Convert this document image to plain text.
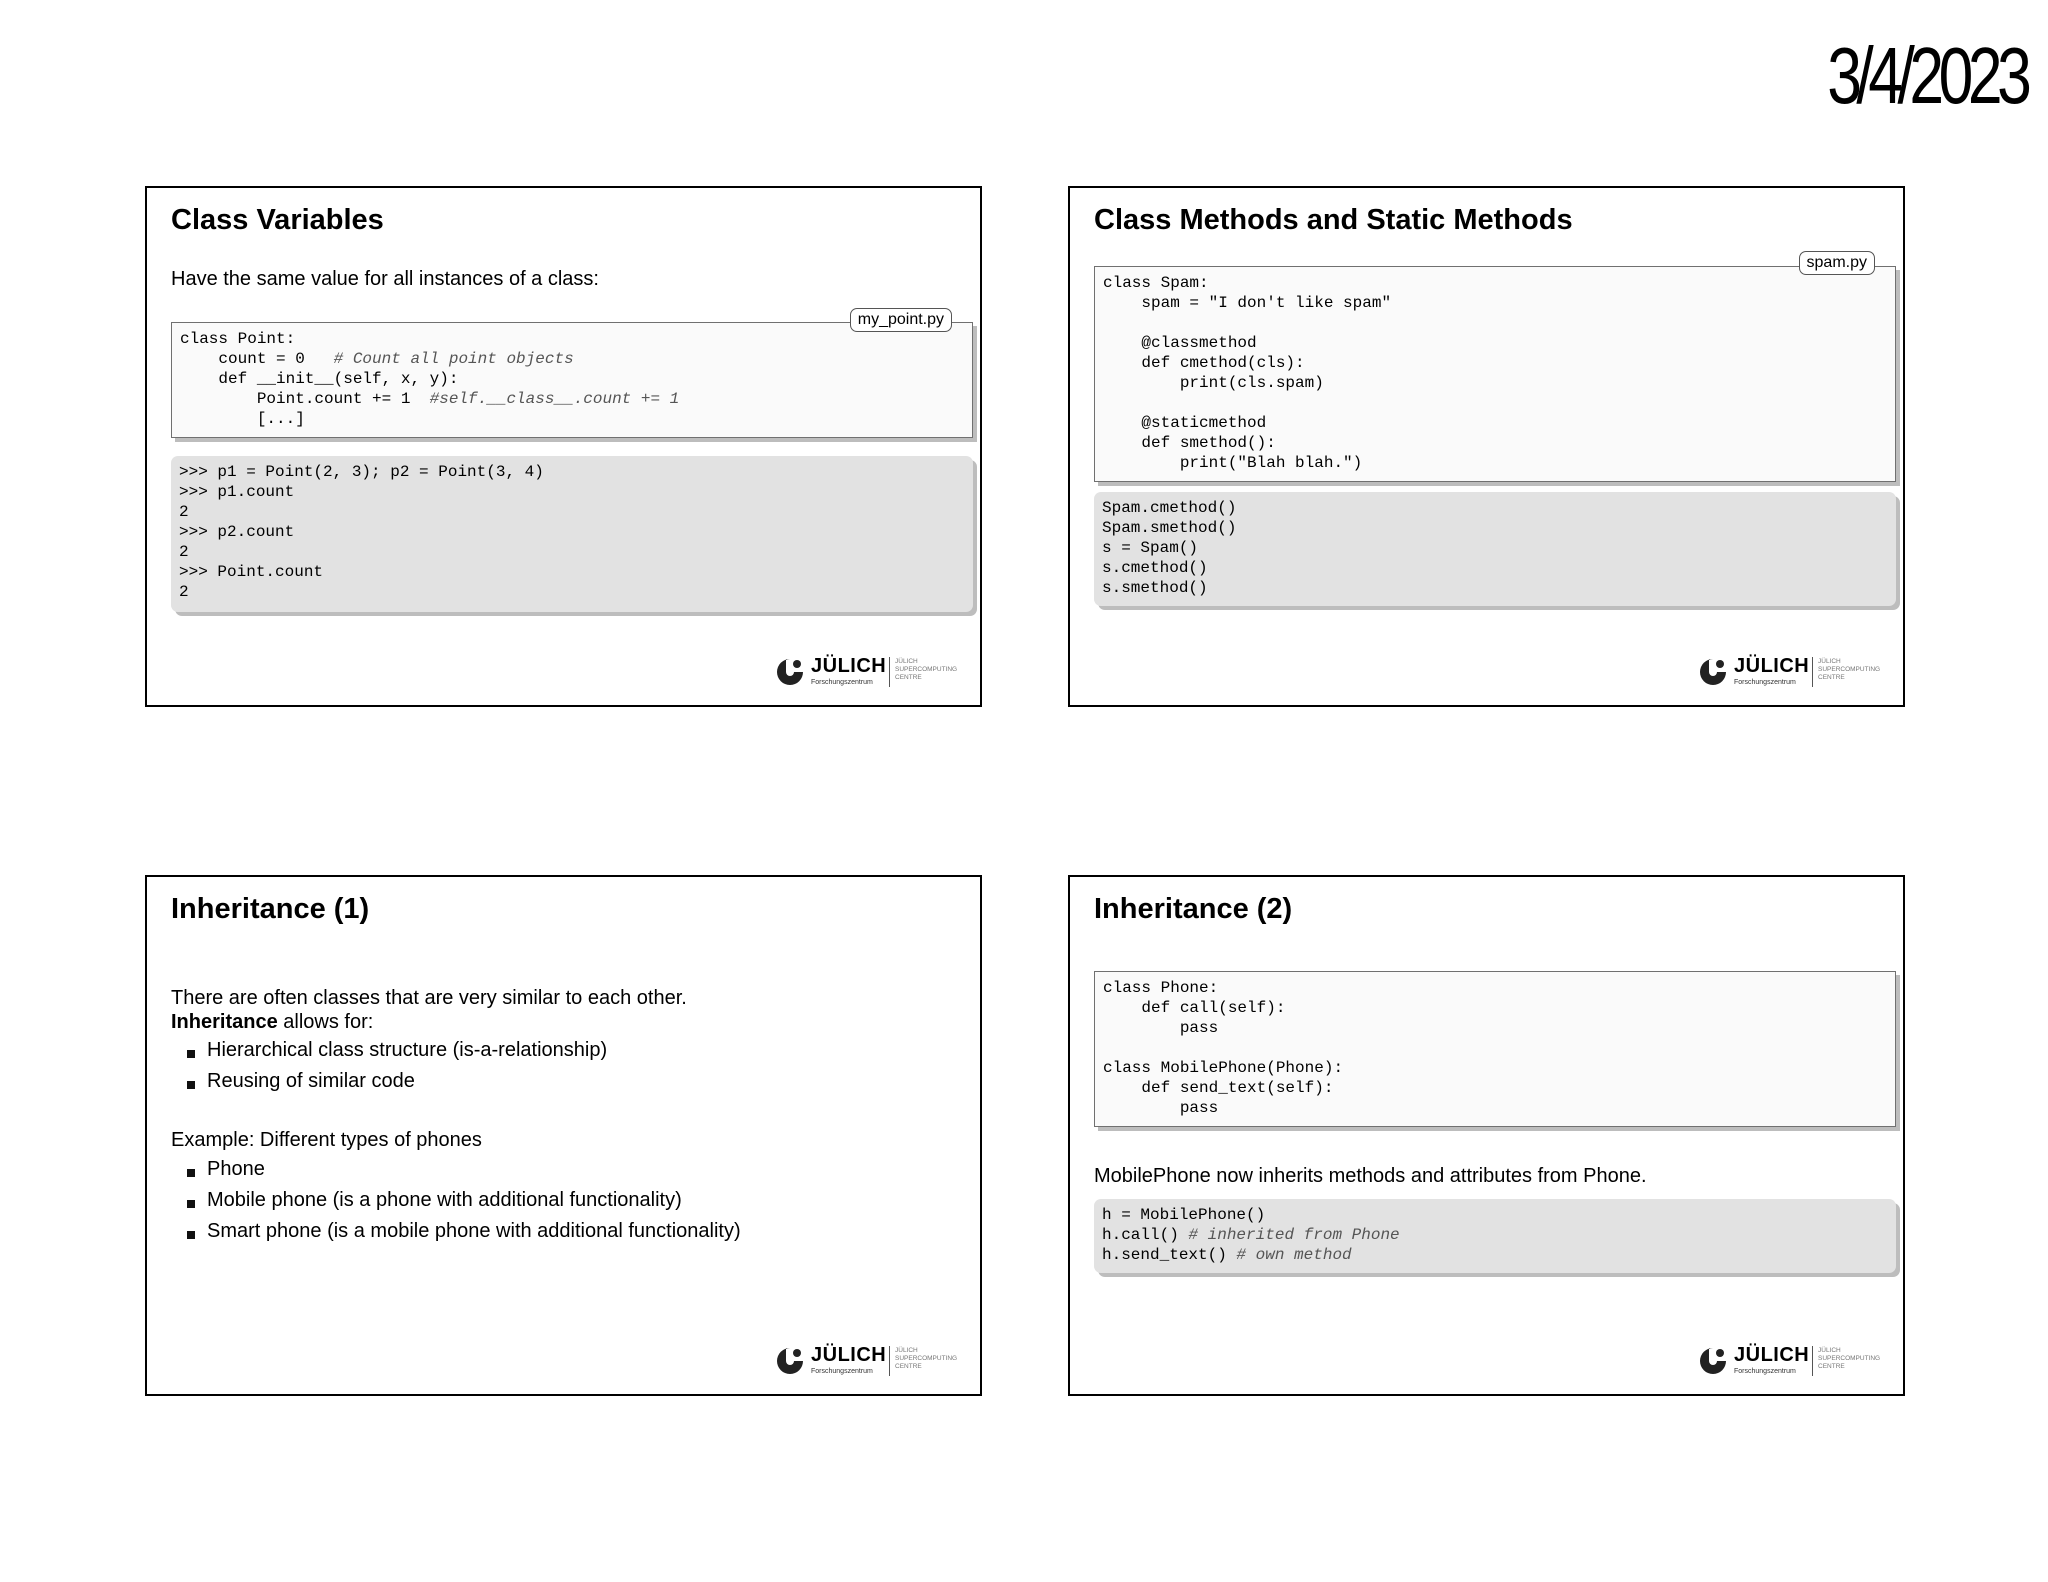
3/4/2023
Class Variables
Have the same value for all instances of a class:
class Point:
count = 0   # Count all point objects
def __init__(self, x, y):
Point.count += 1  #self.__class__.count += 1
[...]
my_point.py
>>> p1 = Point(2, 3); p2 = Point(3, 4)
>>> p1.count
2
>>> p2.count
2
>>> Point.count
2
JÜLICH
Forschungszentrum
JÜLICH
SUPERCOMPUTING
CENTRE
Class Methods and Static Methods
class Spam:
spam = "I don't like spam"

@classmethod
def cmethod(cls):
print(cls.spam)

@staticmethod
def smethod():
print("Blah blah.")
spam.py
Spam.cmethod()
Spam.smethod()
s = Spam()
s.cmethod()
s.smethod()
JÜLICH
Forschungszentrum
JÜLICH
SUPERCOMPUTING
CENTRE
Inheritance (1)
There are often classes that are very similar to each other.
Inheritance allows for:
Hierarchical class structure (is-a-relationship)
Reusing of similar code
Example: Different types of phones
Phone
Mobile phone (is a phone with additional functionality)
Smart phone (is a mobile phone with additional functionality)
JÜLICH
Forschungszentrum
JÜLICH
SUPERCOMPUTING
CENTRE
Inheritance (2)
class Phone:
def call(self):
pass

class MobilePhone(Phone):
def send_text(self):
pass
MobilePhone now inherits methods and attributes from Phone.
h = MobilePhone()
h.call() # inherited from Phone
h.send_text() # own method
JÜLICH
Forschungszentrum
JÜLICH
SUPERCOMPUTING
CENTRE
